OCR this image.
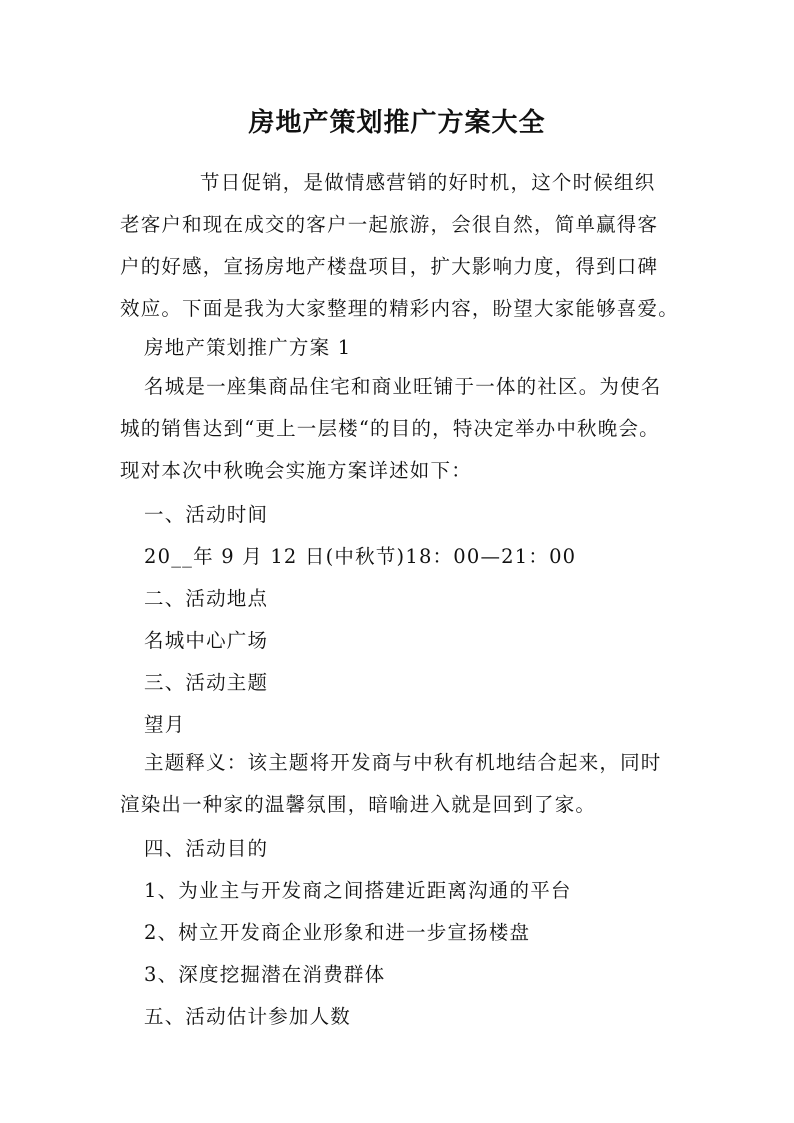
房地产策划推广方案大全
节日促销，是做情感营销的好时机，这个时候组织
老客户和现在成交的客户一起旅游，会很自然，简单赢得客
户的好感，宣扬房地产楼盘项目，扩大影响力度，得到口碑
效应。下面是我为大家整理的精彩内容，盼望大家能够喜爱。
房地产策划推广方案 1
名城是一座集商品住宅和商业旺铺于一体的社区。为使名
城的销售达到“更上一层楼“的目的，特决定举办中秋晚会。
现对本次中秋晚会实施方案详述如下：
一、活动时间
20__年 9 月 12 日(中秋节)18：00—21：00
二、活动地点
名城中心广场
三、活动主题
望月
主题释义：该主题将开发商与中秋有机地结合起来，同时
渲染出一种家的温馨氛围，暗喻进入就是回到了家。
四、活动目的
1、为业主与开发商之间搭建近距离沟通的平台
2、树立开发商企业形象和进一步宣扬楼盘
3、深度挖掘潜在消费群体
五、活动估计参加人数
